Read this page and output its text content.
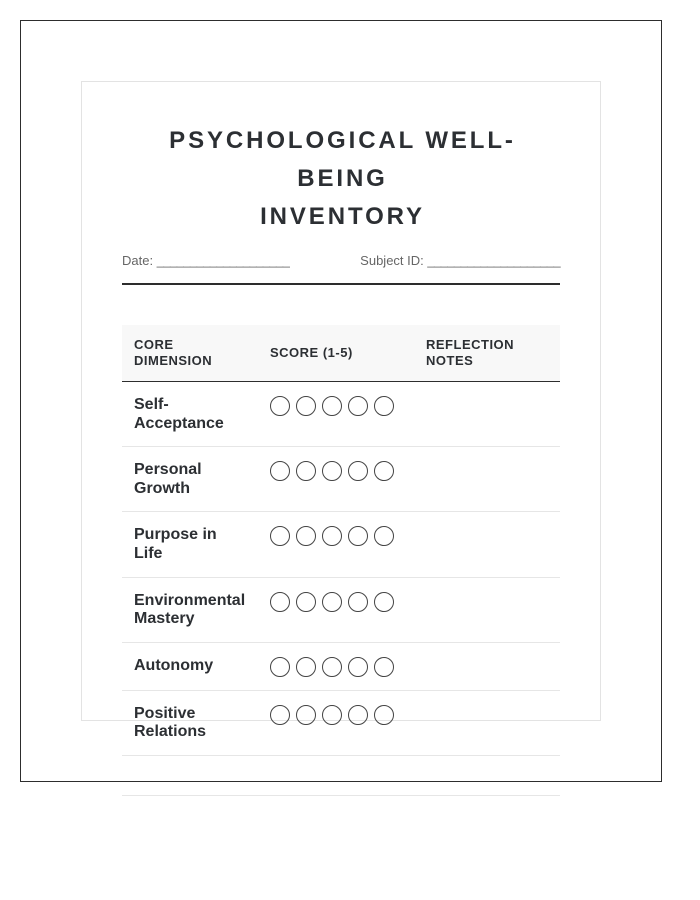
PSYCHOLOGICAL WELL-BEING
INVENTORY
Date: ____________________	Subject ID: ____________________
CORE DIMENSION	SCORE (1-5)	REFLECTION NOTES
Self-Acceptance		
Personal Growth		
Purpose in Life		
Environmental Mastery		
Autonomy		
Positive Relations		
